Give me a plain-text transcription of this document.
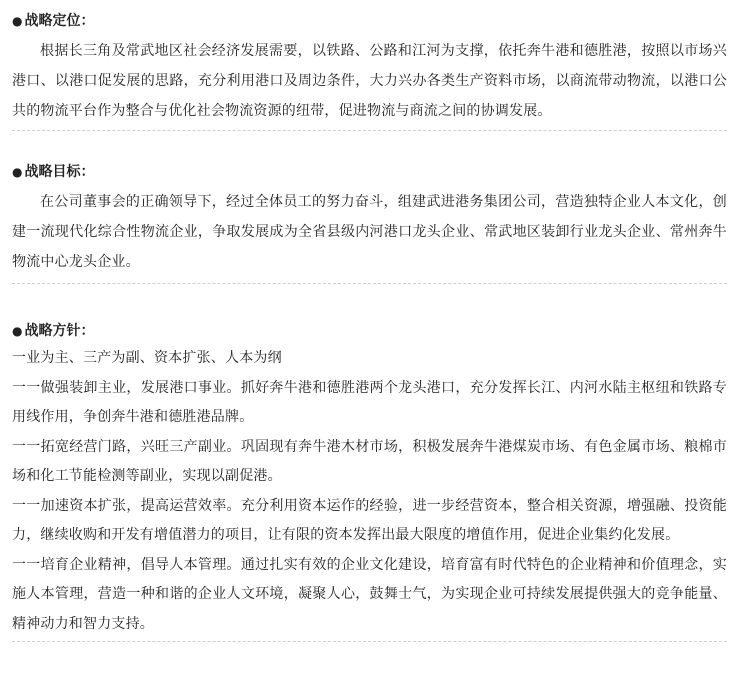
● 战略定位：

根据长三角及常武地区社会经济发展需要，以铁路、公路和江河为支撑，依托奔牛港和德胜港，按照以市场兴港口、以港口促发展的思路，充分利用港口及周边条件，大力兴办各类生产资料市场，以商流带动物流，以港口公共的物流平台作为整合与优化社会物流资源的纽带，促进物流与商流之间的协调发展。

● 战略目标：

在公司董事会的正确领导下，经过全体员工的努力奋斗，组建武进港务集团公司，营造独特企业人本文化，创建一流现代化综合性物流企业，争取发展成为全省县级内河港口龙头企业、常武地区装卸行业龙头企业、常州奔牛物流中心龙头企业。

● 战略方针：

一业为主、三产为副、资本扩张、人本为纲

一一做强装卸主业，发展港口事业。抓好奔牛港和德胜港两个龙头港口，充分发挥长江、内河水陆主枢纽和铁路专用线作用，争创奔牛港和德胜港品牌。

一一拓宽经营门路，兴旺三产副业。巩固现有奔牛港木材市场，积极发展奔牛港煤炭市场、有色金属市场、粮棉市场和化工节能检测等副业，实现以副促港。

一一加速资本扩张，提高运营效率。充分利用资本运作的经验，进一步经营资本，整合相关资源，增强融、投资能力，继续收购和开发有增值潜力的项目，让有限的资本发挥出最大限度的增值作用，促进企业集约化发展。

一一培育企业精神，倡导人本管理。通过扎实有效的企业文化建设，培育富有时代特色的企业精神和价值理念，实施人本管理，营造一种和谐的企业人文环境，凝聚人心，鼓舞士气，为实现企业可持续发展提供强大的竞争能量、精神动力和智力支持。
